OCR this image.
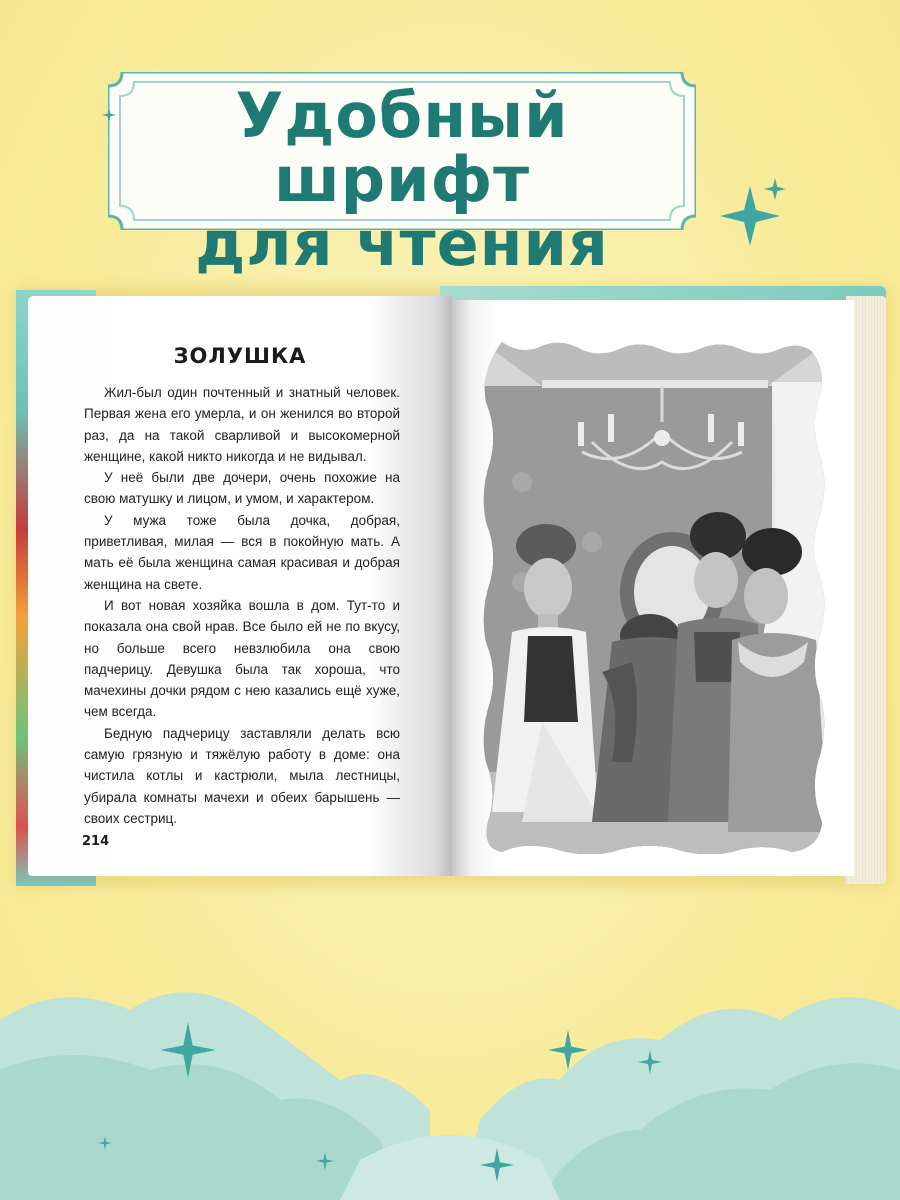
Удобный шрифт
для чтения
ЗОЛУШКА

Жил-был один почтенный и знатный человек. Первая жена его умерла, и он женился во второй раз, да на такой сварливой и высокомерной женщине, какой никто никогда и не видывал.

У неё были две дочери, очень похожие на свою матушку и лицом, и умом, и характером.

У мужа тоже была дочка, добрая, приветливая, милая — вся в покойную мать. А мать её была женщина самая красивая и добрая женщина на свете.

И вот новая хозяйка вошла в дом. Тут-то и показала она свой нрав. Все было ей не по вкусу, но больше всего невзлюбила она свою падчерицу. Девушка была так хороша, что мачехины дочки рядом с нею казались ещё хуже, чем всегда.

Бедную падчерицу заставляли делать всю самую грязную и тяжёлую работу в доме: она чистила котлы и кастрюли, мыла лестницы, убирала комнаты мачехи и обеих барышень — своих сестриц.

214
